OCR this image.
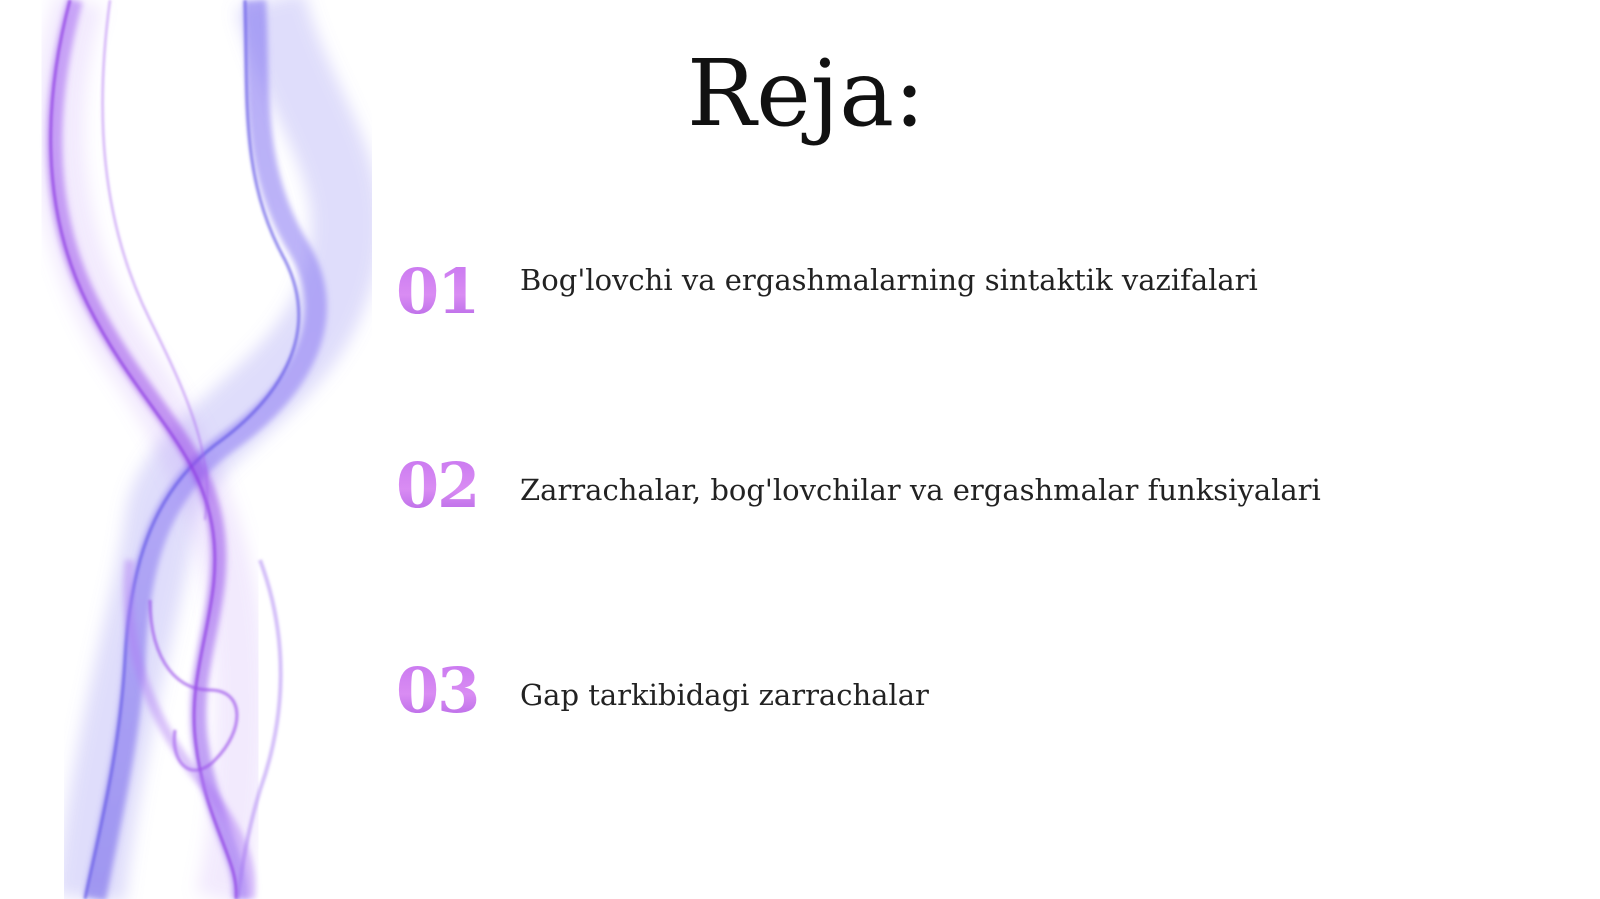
Reja:
01	Bog'lovchi va ergashmalarning sintaktik vazifalari
02	Zarrachalar, bog'lovchilar va ergashmalar funksiyalari
03	Gap tarkibidagi zarrachalar
